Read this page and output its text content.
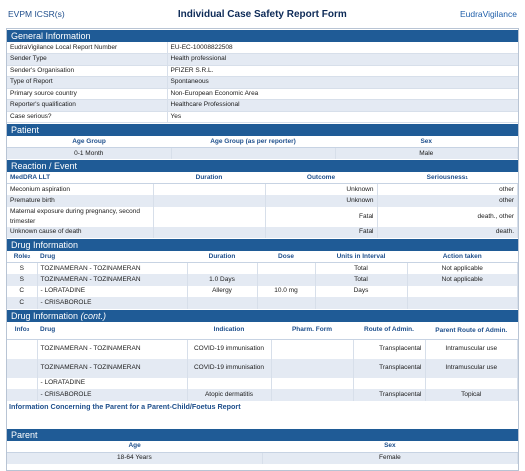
EVPM ICSR(s)	Individual Case Safety Report Form	EudraVigilance
General Information
EudraVigilance Local Report Number	EU-EC-10008822508
Sender Type	Health professional
Sender's Organisation	PFIZER S.R.L.
Type of Report	Spontaneous
Primary source country	Non-European Economic Area
Reporter's qualification	Healthcare Professional
Case serious?	Yes
Patient
Age Group	Age Group (as per reporter)	Sex
0-1 Month		Male
Reaction / Event
MedDRA LLT	Duration	Outcome	Seriousness$^1$
Meconium aspiration		Unknown	other
Premature birth		Unknown	other
Maternal exposure during pregnancy, second trimester		Fatal	death., other
Unknown cause of death		Fatal	death.
Drug Information
Role$^2$	Drug	Duration	Dose	Units in Interval	Action taken
S	TOZINAMERAN - TOZINAMERAN			Total	Not applicable
S	TOZINAMERAN - TOZINAMERAN	1.0 Days		Total	Not applicable
C	- LORATADINE	Allergy	10.0 mg	Days	
C	- CRISABOROLE				
Drug Information (cont.)
Info$^3$	Drug	Indication	Pharm. Form	Route of Admin.	Parent Route of Admin.
	TOZINAMERAN - TOZINAMERAN	COVID-19 immunisation		Transplacental	Intramuscular use
	TOZINAMERAN - TOZINAMERAN	COVID-19 immunisation		Transplacental	Intramuscular use
	- LORATADINE				
	- CRISABOROLE	Atopic dermatitis		Transplacental	Topical
Information Concerning the Parent for a Parent-Child/Foetus Report
Parent
Age	Sex
18-64 Years	Female
